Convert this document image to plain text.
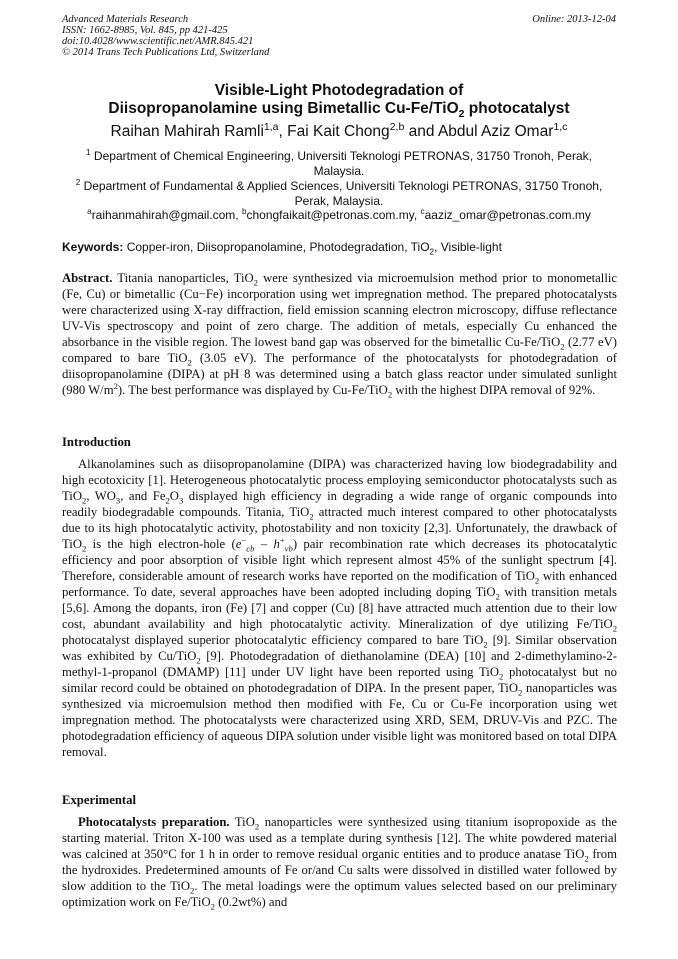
Advanced Materials Research
ISSN: 1662-8985, Vol. 845, pp 421-425
doi:10.4028/www.scientific.net/AMR.845.421
© 2014 Trans Tech Publications Ltd, Switzerland
Online: 2013-12-04
Visible-Light Photodegradation of
Diisopropanolamine using Bimetallic Cu-Fe/TiO$_2$ photocatalyst
Raihan Mahirah Ramli$^{1,a}$, Fai Kait Chong$^{2,b}$ and Abdul Aziz Omar$^{1,c}$
$^1$ Department of Chemical Engineering, Universiti Teknologi PETRONAS, 31750 Tronoh, Perak, Malaysia.
$^2$ Department of Fundamental & Applied Sciences, Universiti Teknologi PETRONAS, 31750 Tronoh, Perak, Malaysia.
$^a$raihanmahirah@gmail.com, $^b$chongfaikait@petronas.com.my, $^c$aaziz_omar@petronas.com.my
Keywords: Copper-iron, Diisopropanolamine, Photodegradation, TiO$_2$, Visible-light

Abstract. Titania nanoparticles, TiO$_2$ were synthesized via microemulsion method prior to monometallic (Fe, Cu) or bimetallic (Cu−Fe) incorporation using wet impregnation method. The prepared photocatalysts were characterized using X-ray diffraction, field emission scanning electron microscopy, diffuse reflectance UV-Vis spectroscopy and point of zero charge. The addition of metals, especially Cu enhanced the absorbance in the visible region. The lowest band gap was observed for the bimetallic Cu-Fe/TiO$_2$ (2.77 eV) compared to bare TiO$_2$ (3.05 eV). The performance of the photocatalysts for photodegradation of diisopropanolamine (DIPA) at pH 8 was determined using a batch glass reactor under simulated sunlight (980 $W/m^2$). The best performance was displayed by Cu-Fe/TiO$_2$ with the highest DIPA removal of 92%.

Introduction

Alkanolamines such as diisopropanolamine (DIPA) was characterized having low biodegradability and high ecotoxicity [1]. Heterogeneous photocatalytic process employing semiconductor photocatalysts such as TiO$_2$, $WO_3$, and $Fe_2O_3$ displayed high efficiency in degrading a wide range of organic compounds into readily biodegradable compounds. Titania, TiO$_2$ attracted much interest compared to other photocatalysts due to its high photocatalytic activity, photostability and non toxicity [2,3]. Unfortunately, the drawback of TiO$_2$ is the high electron-hole $(e^-_{cb} - h^+_{vb})$ pair recombination rate which decreases its photocatalytic efficiency and poor absorption of visible light which represent almost 45% of the sunlight spectrum [4]. Therefore, considerable amount of research works have reported on the modification of TiO$_2$ with enhanced performance. To date, several approaches have been adopted including doping TiO$_2$ with transition metals [5,6]. Among the dopants, iron (Fe) [7] and copper (Cu) [8] have attracted much attention due to their low cost, abundant availability and high photocatalytic activity. Mineralization of dye utilizing Fe/TiO$_2$ photocatalyst displayed superior photocatalytic efficiency compared to bare TiO$_2$ [9]. Similar observation was exhibited by Cu/TiO$_2$ [9]. Photodegradation of diethanolamine (DEA) [10] and 2-dimethylamino-2-methyl-1-propanol (DMAMP) [11] under UV light have been reported using TiO$_2$ photocatalyst but no similar record could be obtained on photodegradation of DIPA. In the present paper, TiO$_2$ nanoparticles was synthesized via microemulsion method then modified with Fe, Cu or Cu-Fe incorporation using wet impregnation method. The photocatalysts were characterized using XRD, SEM, DRUV-Vis and PZC. The photodegradation efficiency of aqueous DIPA solution under visible light was monitored based on total DIPA removal.

Experimental

Photocatalysts preparation. TiO$_2$ nanoparticles were synthesized using titanium isopropoxide as the starting material. Triton X-100 was used as a template during synthesis [12]. The white powdered material was calcined at 350°C for 1 h in order to remove residual organic entities and to produce anatase TiO$_2$ from the hydroxides. Predetermined amounts of Fe or/and Cu salts were dissolved in distilled water followed by slow addition to the TiO$_2$. The metal loadings were the optimum values selected based on our preliminary optimization work on Fe/TiO$_2$ (0.2wt%) and
